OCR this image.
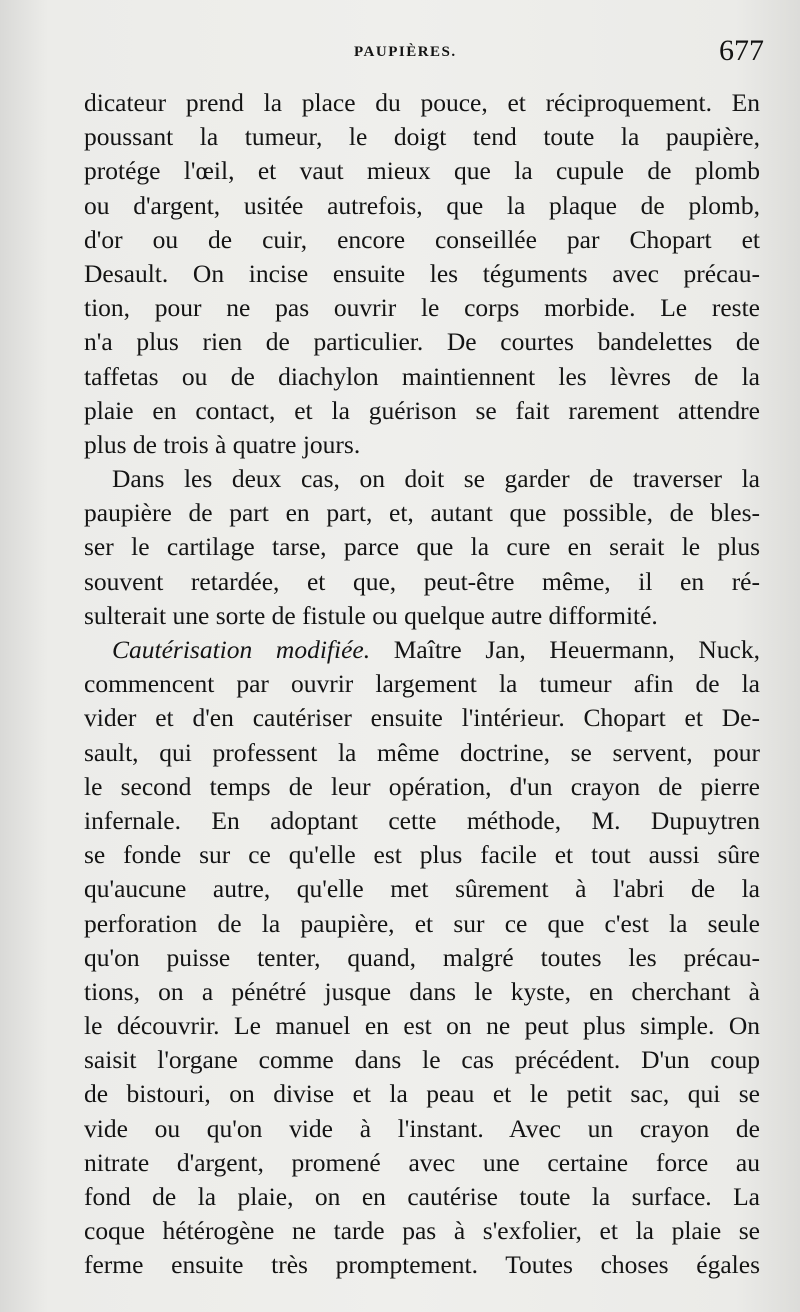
PAUPIÈRES.	677
dicateur prend la place du pouce, et réciproquement. En
poussant la tumeur, le doigt tend toute la paupière,
protége l'œil, et vaut mieux que la cupule de plomb
ou d'argent, usitée autrefois, que la plaque de plomb,
d'or ou de cuir, encore conseillée par Chopart et
Desault. On incise ensuite les téguments avec précau-
tion, pour ne pas ouvrir le corps morbide. Le reste
n'a plus rien de particulier. De courtes bandelettes de
taffetas ou de diachylon maintiennent les lèvres de la
plaie en contact, et la guérison se fait rarement attendre
plus de trois à quatre jours.
Dans les deux cas, on doit se garder de traverser la
paupière de part en part, et, autant que possible, de bles-
ser le cartilage tarse, parce que la cure en serait le plus
souvent retardée, et que, peut-être même, il en ré-
sulterait une sorte de fistule ou quelque autre difformité.
Cautérisation modifiée. Maître Jan, Heuermann, Nuck,
commencent par ouvrir largement la tumeur afin de la
vider et d'en cautériser ensuite l'intérieur. Chopart et De-
sault, qui professent la même doctrine, se servent, pour
le second temps de leur opération, d'un crayon de pierre
infernale. En adoptant cette méthode, M. Dupuytren
se fonde sur ce qu'elle est plus facile et tout aussi sûre
qu'aucune autre, qu'elle met sûrement à l'abri de la
perforation de la paupière, et sur ce que c'est la seule
qu'on puisse tenter, quand, malgré toutes les précau-
tions, on a pénétré jusque dans le kyste, en cherchant à
le découvrir. Le manuel en est on ne peut plus simple. On
saisit l'organe comme dans le cas précédent. D'un coup
de bistouri, on divise et la peau et le petit sac, qui se
vide ou qu'on vide à l'instant. Avec un crayon de
nitrate d'argent, promené avec une certaine force au
fond de la plaie, on en cautérise toute la surface. La
coque hétérogène ne tarde pas à s'exfolier, et la plaie se
ferme ensuite très promptement. Toutes choses égales
